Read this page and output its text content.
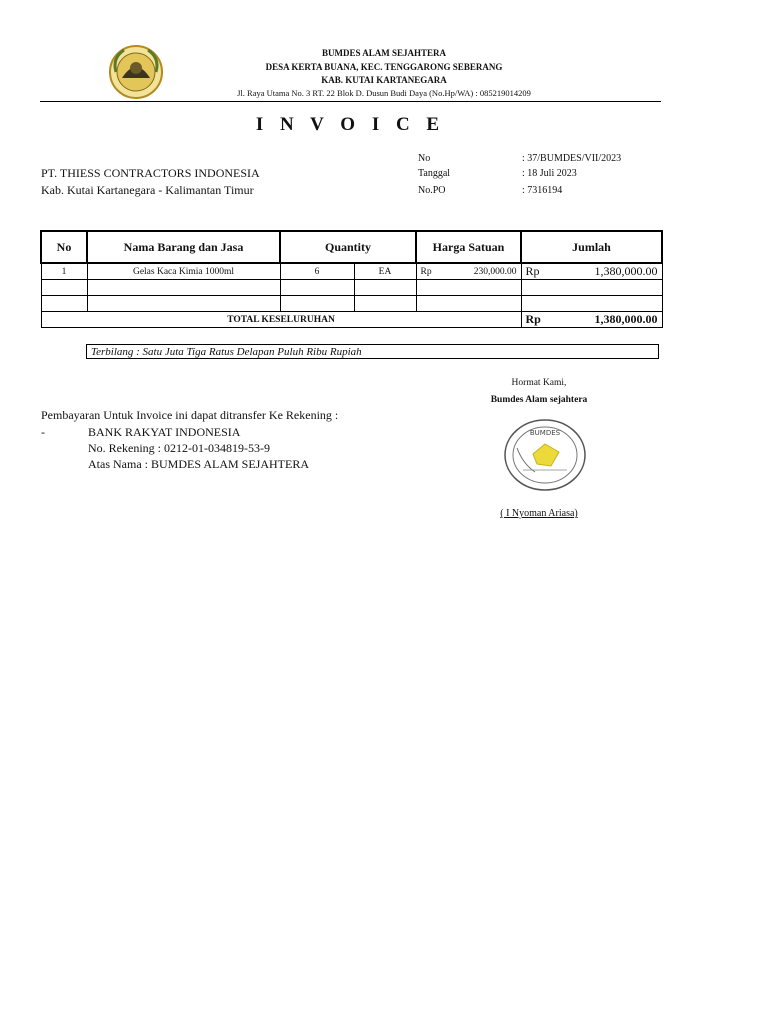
BUMDES ALAM SEJAHTERA
DESA KERTA BUANA, KEC. TENGGARONG SEBERANG
KAB. KUTAI KARTANEGARA
Jl. Raya Utama No. 3 RT. 22 Blok D. Dusun Budi Daya (No.Hp/WA) : 085219014209
I N V O I C E
PT. THIESS CONTRACTORS INDONESIA
Kab. Kutai Kartanegara - Kalimantan Timur
No	: 37/BUMDES/VII/2023
Tanggal	: 18 Juli 2023
No.PO	: 7316194
No	Nama Barang dan Jasa	Quantity		Harga Satuan	Jumlah
1	Gelas Kaca Kimia 1000ml	6	EA	Rp 230,000.00	Rp 1,380,000.00

TOTAL KESELURUHAN					Rp 1,380,000.00
Terbilang : Satu Juta Tiga Ratus Delapan Puluh Ribu Rupiah
Hormat Kami,
Bumdes Alam sejahtera
Pembayaran Untuk Invoice ini dapat ditransfer Ke Rekening :
-	BANK RAKYAT INDONESIA
No. Rekening : 0212-01-034819-53-9
Atas Nama : BUMDES ALAM SEJAHTERA
BUMDES
( I Nyoman Ariasa)
